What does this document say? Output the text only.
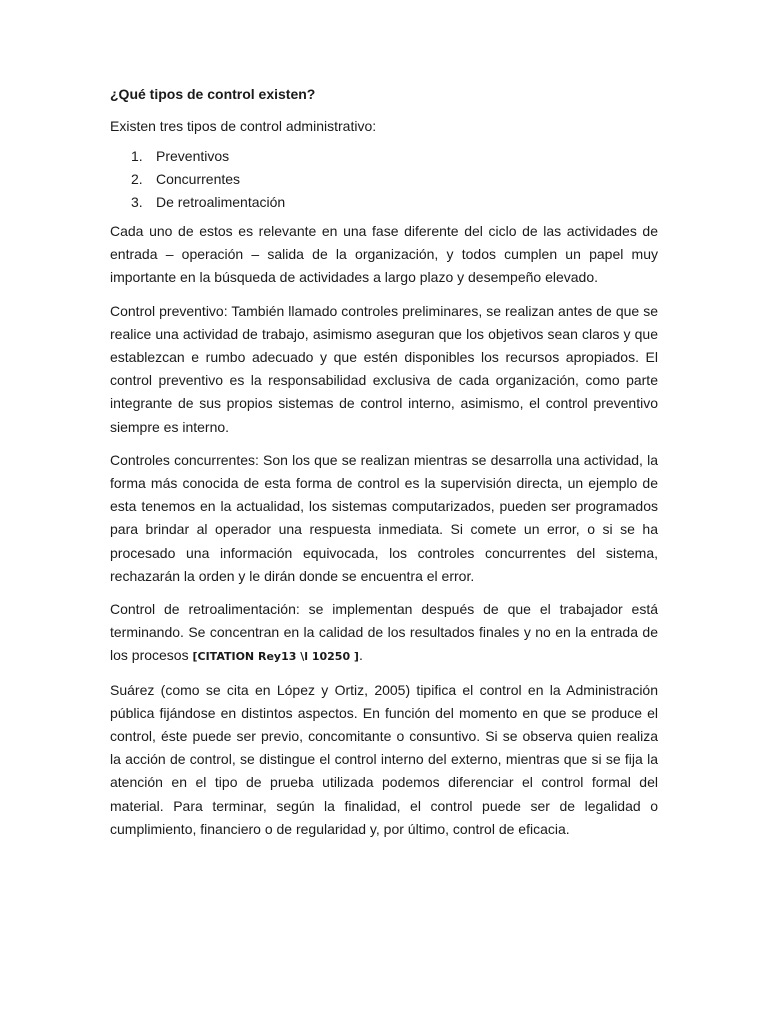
¿Qué tipos de control existen?

Existen tres tipos de control administrativo:

1. Preventivos
2. Concurrentes
3. De retroalimentación

Cada uno de estos es relevante en una fase diferente del ciclo de las actividades de entrada – operación – salida de la organización, y todos cumplen un papel muy importante en la búsqueda de actividades a largo plazo y desempeño elevado.

Control preventivo: También llamado controles preliminares, se realizan antes de que se realice una actividad de trabajo, asimismo aseguran que los objetivos sean claros y que establezcan e rumbo adecuado y que estén disponibles los recursos apropiados. El control preventivo es la responsabilidad exclusiva de cada organización, como parte integrante de sus propios sistemas de control interno, asimismo, el control preventivo siempre es interno.

Controles concurrentes: Son los que se realizan mientras se desarrolla una actividad, la forma más conocida de esta forma de control es la supervisión directa, un ejemplo de esta tenemos en la actualidad, los sistemas computarizados, pueden ser programados para brindar al operador una respuesta inmediata. Si comete un error, o si se ha procesado una información equivocada, los controles concurrentes del sistema, rechazarán la orden y le dirán donde se encuentra el error.

Control de retroalimentación: se implementan después de que el trabajador está terminando. Se concentran en la calidad de los resultados finales y no en la entrada de los procesos [CITATION Rey13 \l 10250 ].

Suárez (como se cita en López y Ortiz, 2005) tipifica el control en la Administración pública fijándose en distintos aspectos. En función del momento en que se produce el control, éste puede ser previo, concomitante o consuntivo. Si se observa quien realiza la acción de control, se distingue el control interno del externo, mientras que si se fija la atención en el tipo de prueba utilizada podemos diferenciar el control formal del material. Para terminar, según la finalidad, el control puede ser de legalidad o cumplimiento, financiero o de regularidad y, por último, control de eficacia.
